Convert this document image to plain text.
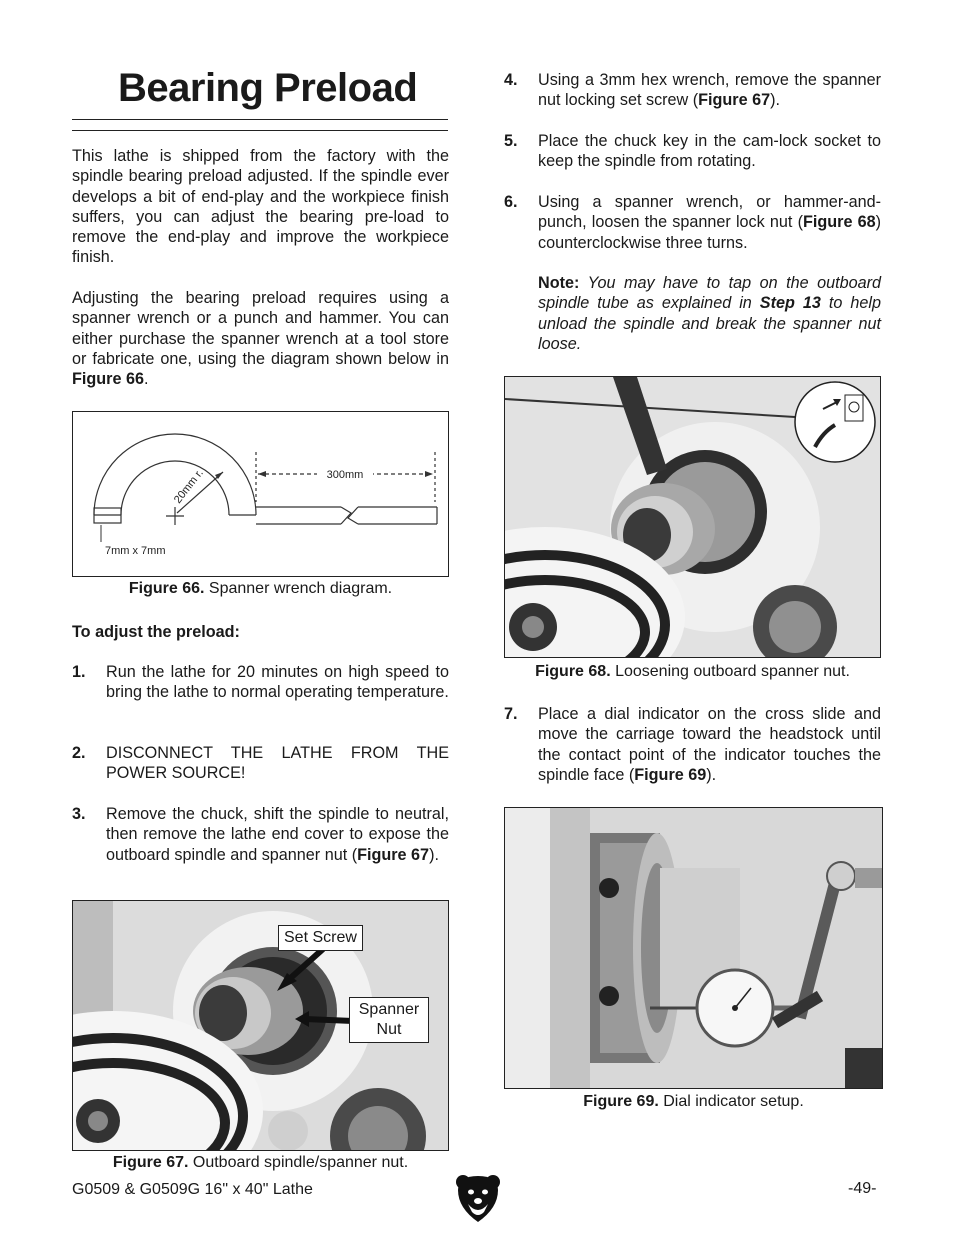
Bearing Preload
This lathe is shipped from the factory with the spindle bearing preload adjusted. If the spindle ever develops a bit of end-play and the workpiece finish suffers, you can adjust the bearing pre-load to remove the end-play and improve the workpiece finish.
Adjusting the bearing preload requires using a spanner wrench or a punch and hammer. You can either purchase the spanner wrench at a tool store or fabricate one, using the diagram shown below in Figure 66.
300mm
20mm r.
7mm x 7mm
Figure 66. Spanner wrench diagram.
To adjust the preload:
1. Run the lathe for 20 minutes on high speed to bring the lathe to normal operating temperature.
2. DISCONNECT THE LATHE FROM THE POWER SOURCE!
3. Remove the chuck, shift the spindle to neutral, then remove the lathe end cover to expose the outboard spindle and spanner nut (Figure 67).
Set Screw
Spanner
Nut
Figure 67. Outboard spindle/spanner nut.
4. Using a 3mm hex wrench, remove the spanner nut locking set screw (Figure 67).
5. Place the chuck key in the cam-lock socket to keep the spindle from rotating.
6. Using a spanner wrench, or hammer-and-punch, loosen the spanner lock nut (Figure 68) counterclockwise three turns.
Note: You may have to tap on the outboard spindle tube as explained in Step 13 to help unload the spindle and break the spanner nut loose.
Figure 68. Loosening outboard spanner nut.
7. Place a dial indicator on the cross slide and move the carriage toward the headstock until the contact point of the indicator touches the spindle face (Figure 69).
Figure 69. Dial indicator setup.
G0509 & G0509G 16" x 40" Lathe	-49-
